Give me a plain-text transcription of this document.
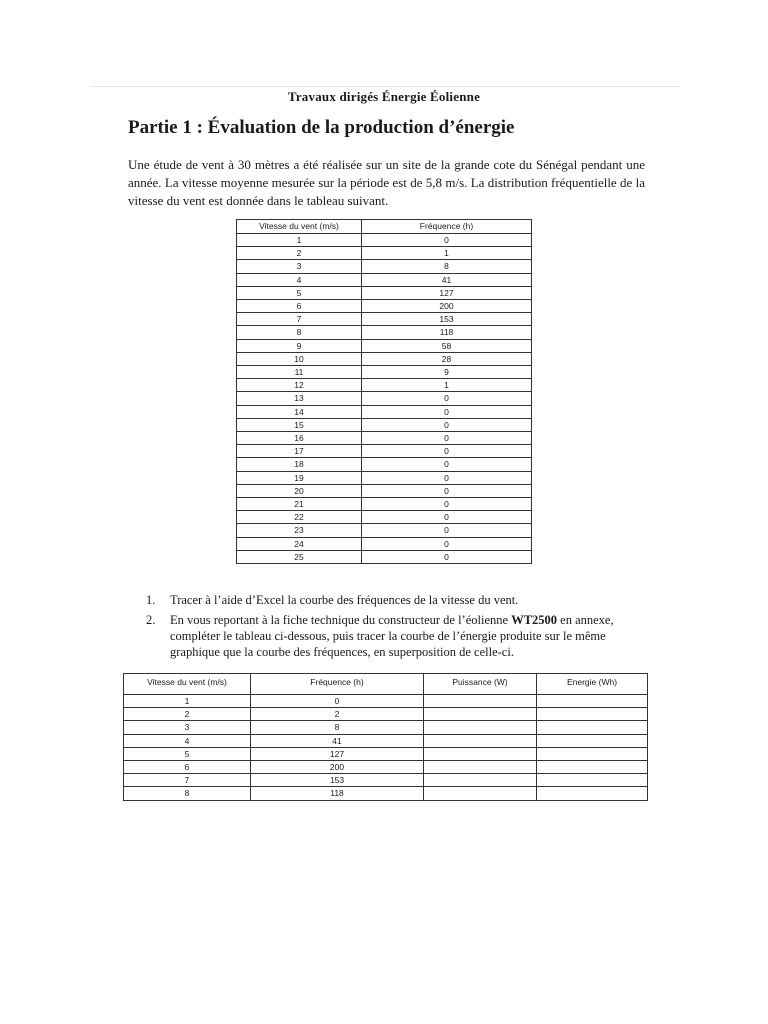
Travaux dirigés Énergie Éolienne
Partie 1 : Évaluation de la production d’énergie

Une étude de vent à 30 mètres a été réalisée sur un site de la grande cote du Sénégal pendant une année. La vitesse moyenne mesurée sur la période est de 5,8 m/s. La distribution fréquentielle de la vitesse du vent est donnée dans le tableau suivant.

Vitesse du vent (m/s)	Fréquence (h)
1	0
2	1
3	8
4	41
5	127
6	200
7	153
8	118
9	58
10	28
11	9
12	1
13	0
14	0
15	0
16	0
17	0
18	0
19	0
20	0
21	0
22	0
23	0
24	0
25	0
1. Tracer à l’aide d’Excel la courbe des fréquences de la vitesse du vent.
2. En vous reportant à la fiche technique du constructeur de l’éolienne WT2500 en annexe, compléter le tableau ci-dessous, puis tracer la courbe de l’énergie produite sur le même graphique que la courbe des fréquences, en superposition de celle-ci.
Vitesse du vent (m/s)	Fréquence (h)	Puissance (W)	Energie (Wh)
1	0		
2	2		
3	8		
4	41		
5	127		
6	200		
7	153		
8	118		
